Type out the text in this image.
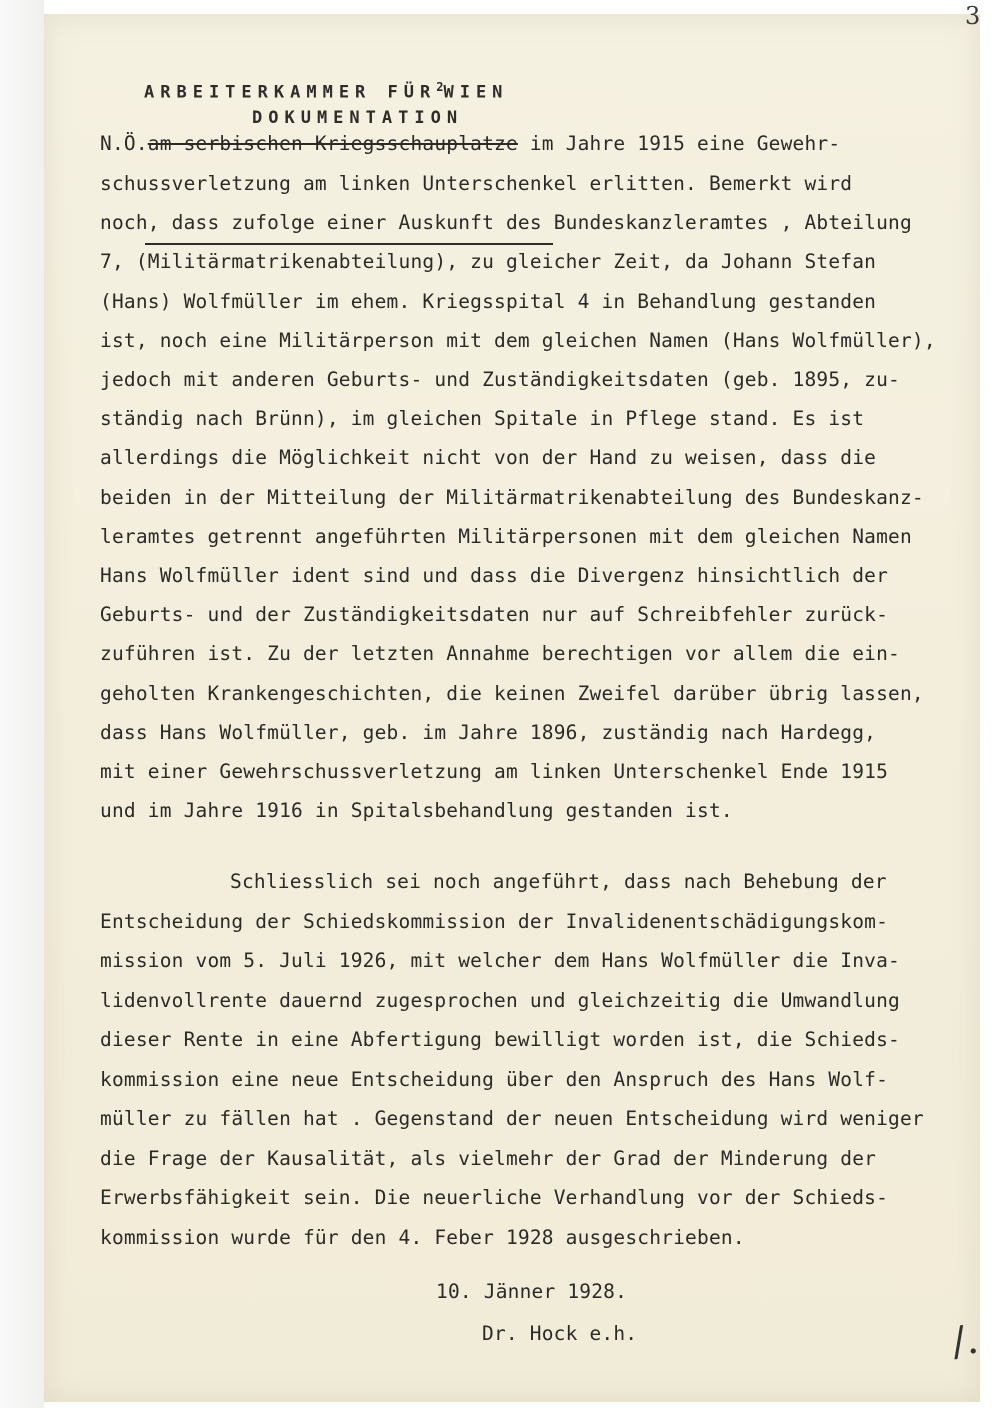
3
ARBEITERKAMMER FÜR$^2$WIEN
DOKUMENTATION
N.Ö.am serbischen Kriegsschauplatze im Jahre 1915 eine Gewehr-
schussverletzung am linken Unterschenkel erlitten. Bemerkt wird
noch, dass zufolge einer Auskunft des Bundeskanzleramtes , Abteilung
7, (Militärmatrikenabteilung), zu gleicher Zeit, da Johann Stefan
(Hans) Wolfmüller im ehem. Kriegsspital 4 in Behandlung gestanden
ist, noch eine Militärperson mit dem gleichen Namen (Hans Wolfmüller),
jedoch mit anderen Geburts- und Zuständigkeitsdaten (geb. 1895, zu-
ständig nach Brünn), im gleichen Spitale in Pflege stand. Es ist
allerdings die Möglichkeit nicht von der Hand zu weisen, dass die
beiden in der Mitteilung der Militärmatrikenabteilung des Bundeskanz-
leramtes getrennt angeführten Militärpersonen mit dem gleichen Namen
Hans Wolfmüller ident sind und dass die Divergenz hinsichtlich der
Geburts- und der Zuständigkeitsdaten nur auf Schreibfehler zurück-
zuführen ist. Zu der letzten Annahme berechtigen vor allem die ein-
geholten Krankengeschichten, die keinen Zweifel darüber übrig lassen,
dass Hans Wolfmüller, geb. im Jahre 1896, zuständig nach Hardegg,
mit einer Gewehrschussverletzung am linken Unterschenkel Ende 1915
und im Jahre 1916 in Spitalsbehandlung gestanden ist.
Schliesslich sei noch angeführt, dass nach Behebung der
Entscheidung der Schiedskommission der Invalidenentschädigungskom-
mission vom 5. Juli 1926, mit welcher dem Hans Wolfmüller die Inva-
lidenvollrente dauernd zugesprochen und gleichzeitig die Umwandlung
dieser Rente in eine Abfertigung bewilligt worden ist, die Schieds-
kommission eine neue Entscheidung über den Anspruch des Hans Wolf-
müller zu fällen hat . Gegenstand der neuen Entscheidung wird weniger
die Frage der Kausalität, als vielmehr der Grad der Minderung der
Erwerbsfähigkeit sein. Die neuerliche Verhandlung vor der Schieds-
kommission wurde für den 4. Feber 1928 ausgeschrieben.
10. Jänner 1928.
Dr. Hock e.h.	/.
